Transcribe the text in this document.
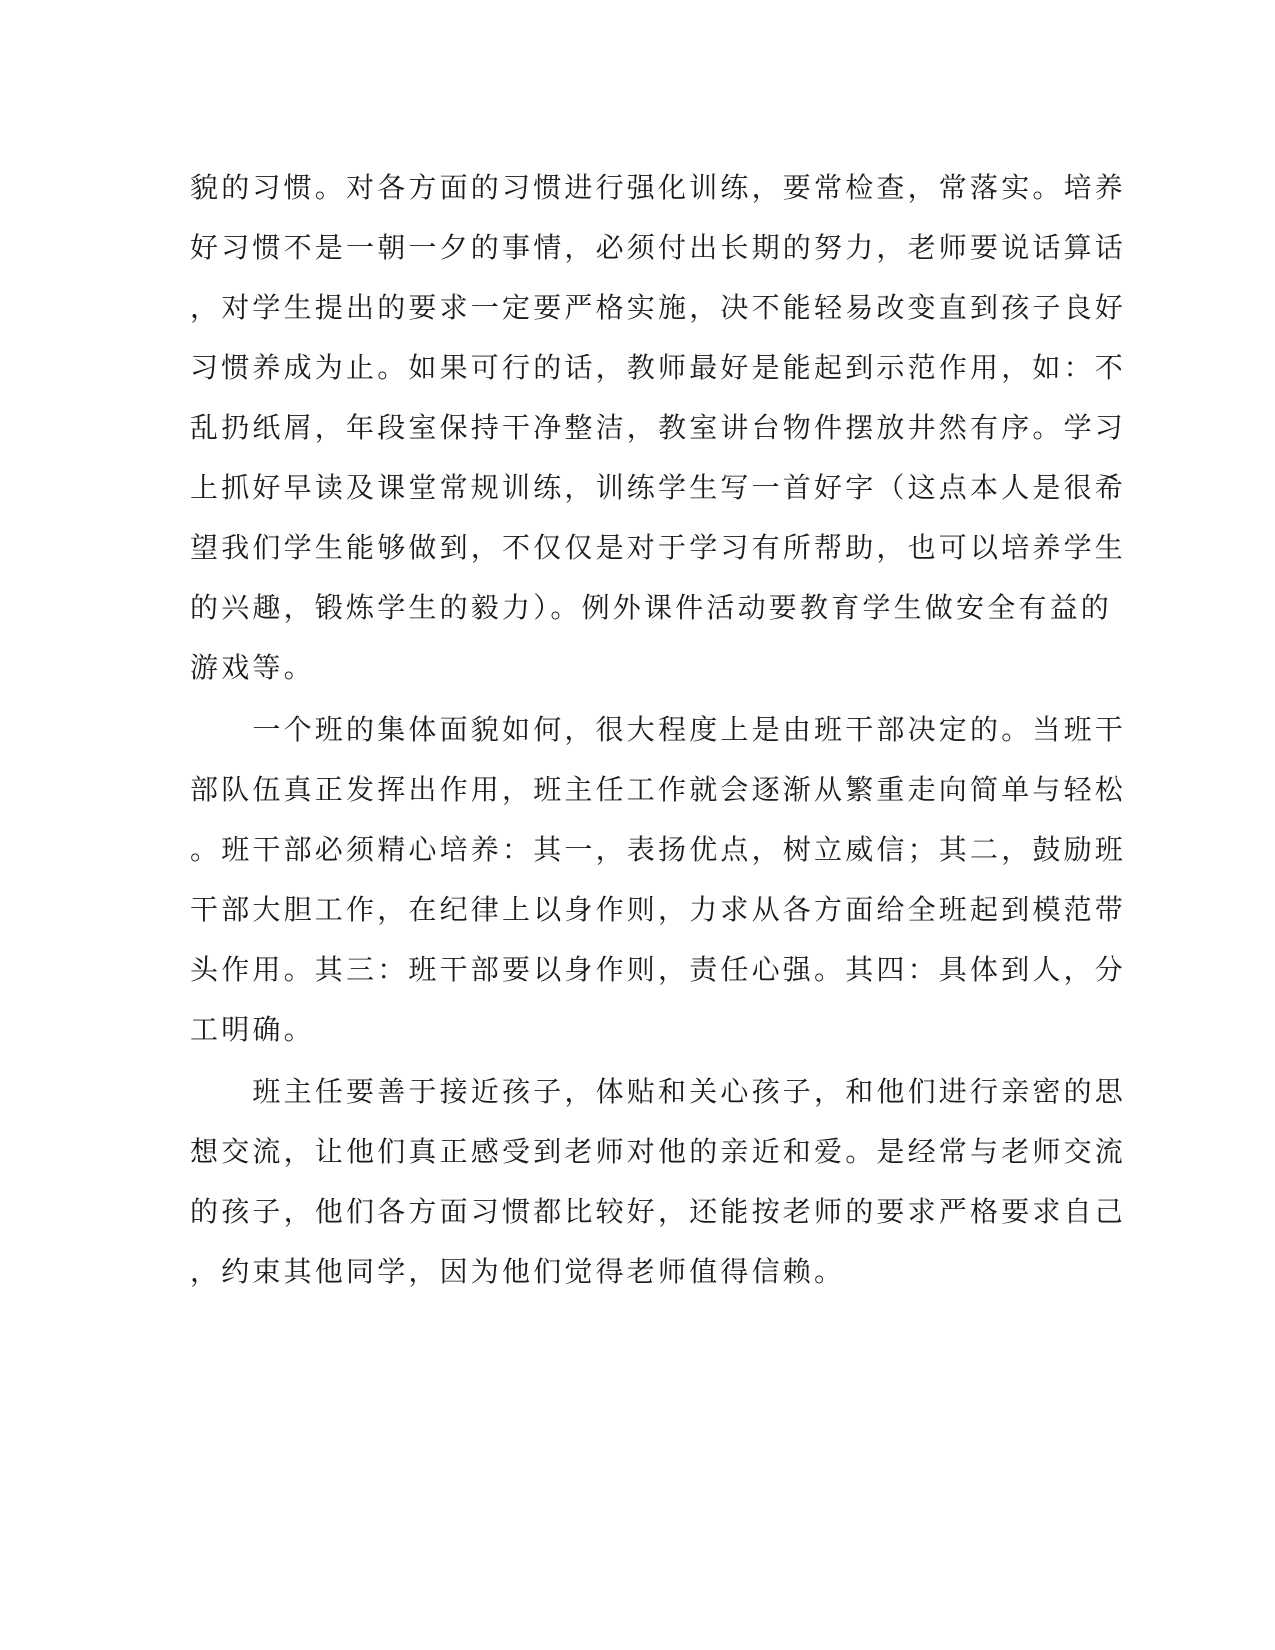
貌的习惯。对各方面的习惯进行强化训练，要常检查，常落实。培养
好习惯不是一朝一夕的事情，必须付出长期的努力，老师要说话算话
，对学生提出的要求一定要严格实施，决不能轻易改变直到孩子良好
习惯养成为止。如果可行的话，教师最好是能起到示范作用，如：不
乱扔纸屑，年段室保持干净整洁，教室讲台物件摆放井然有序。学习
上抓好早读及课堂常规训练，训练学生写一首好字（这点本人是很希
望我们学生能够做到，不仅仅是对于学习有所帮助，也可以培养学生
的兴趣，锻炼学生的毅力）。例外课件活动要教育学生做安全有益的
游戏等。
　　一个班的集体面貌如何，很大程度上是由班干部决定的。当班干
部队伍真正发挥出作用，班主任工作就会逐渐从繁重走向简单与轻松
。班干部必须精心培养：其一，表扬优点，树立威信；其二，鼓励班
干部大胆工作，在纪律上以身作则，力求从各方面给全班起到模范带
头作用。其三：班干部要以身作则，责任心强。其四：具体到人，分
工明确。
　　班主任要善于接近孩子，体贴和关心孩子，和他们进行亲密的思
想交流，让他们真正感受到老师对他的亲近和爱。是经常与老师交流
的孩子，他们各方面习惯都比较好，还能按老师的要求严格要求自己
，约束其他同学，因为他们觉得老师值得信赖。
